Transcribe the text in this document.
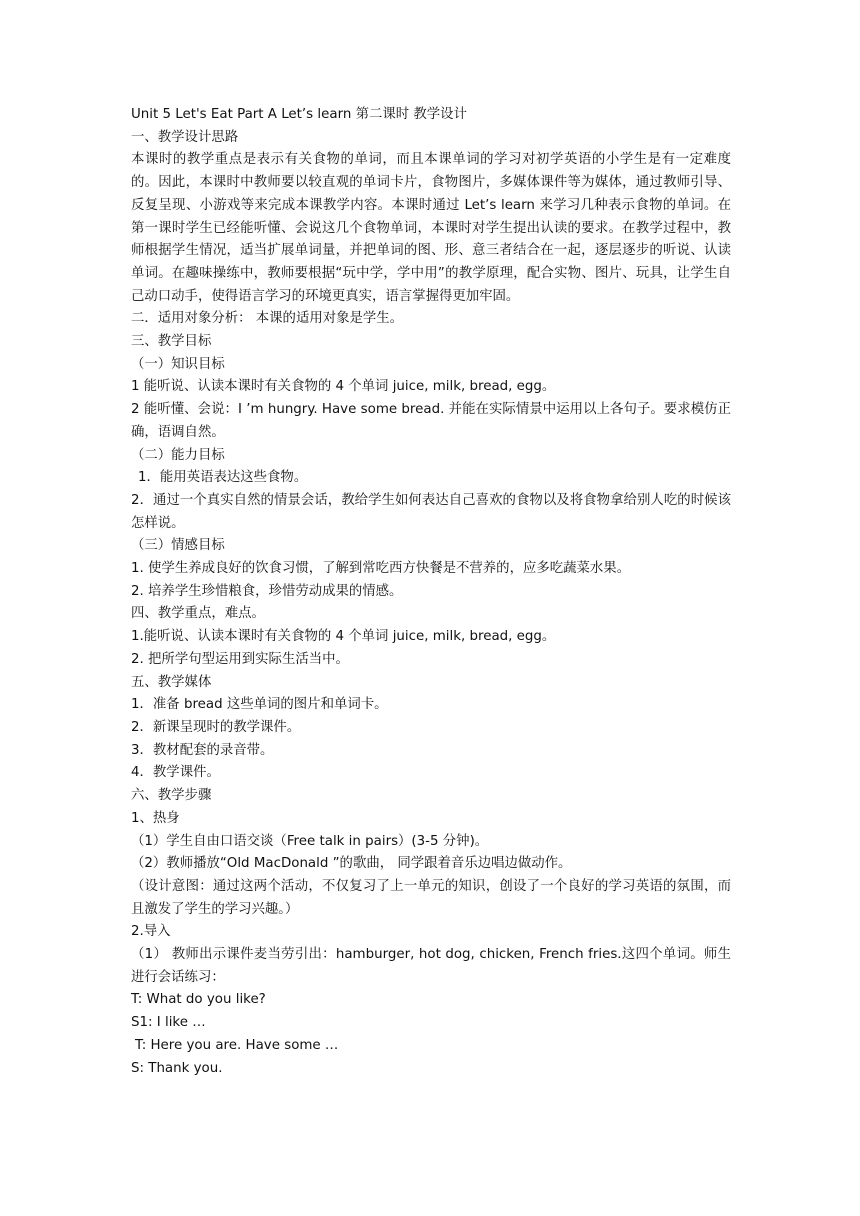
Unit 5 Let's Eat Part A Let’s learn 第二课时 教学设计

一、教学设计思路

本课时的教学重点是表示有关食物的单词，而且本课单词的学习对初学英语的小学生是有一定难度的。因此，本课时中教师要以较直观的单词卡片，食物图片，多媒体课件等为媒体，通过教师引导、反复呈现、小游戏等来完成本课教学内容。本课时通过 Let’s learn 来学习几种表示食物的单词。在第一课时学生已经能听懂、会说这几个食物单词，本课时对学生提出认读的要求。在教学过程中，教师根据学生情况，适当扩展单词量，并把单词的图、形、意三者结合在一起，逐层逐步的听说、认读单词。在趣味操练中，教师要根据“玩中学，学中用”的教学原理，配合实物、图片、玩具，让学生自己动口动手，使得语言学习的环境更真实，语言掌握得更加牢固。

二．适用对象分析： 本课的适用对象是学生。

三、教学目标

（一）知识目标

1 能听说、认读本课时有关食物的 4 个单词 juice, milk, bread, egg。

2 能听懂、会说：I ’m hungry. Have some bread. 并能在实际情景中运用以上各句子。要求模仿正确，语调自然。

（二）能力目标

1．能用英语表达这些食物。

2．通过一个真实自然的情景会话，教给学生如何表达自己喜欢的食物以及将食物拿给别人吃的时候该怎样说。

（三）情感目标

1. 使学生养成良好的饮食习惯，了解到常吃西方快餐是不营养的，应多吃蔬菜水果。

2. 培养学生珍惜粮食，珍惜劳动成果的情感。

四、教学重点，难点。

1.能听说、认读本课时有关食物的 4 个单词 juice, milk, bread, egg。

2. 把所学句型运用到实际生活当中。

五、教学媒体

1．准备 bread 这些单词的图片和单词卡。

2．新课呈现时的教学课件。

3．教材配套的录音带。

4．教学课件。

六、教学步骤

1、热身

（1）学生自由口语交谈（Free talk in pairs）(3-5 分钟)。

（2）教师播放“Old MacDonald ”的歌曲， 同学跟着音乐边唱边做动作。

（设计意图：通过这两个活动，不仅复习了上一单元的知识，创设了一个良好的学习英语的氛围，而且激发了学生的学习兴趣。）

2.导入

（1） 教师出示课件麦当劳引出：hamburger, hot dog, chicken, French fries.这四个单词。师生进行会话练习：

T: What do you like?

S1: I like …

T: Here you are. Have some …

S: Thank you.
